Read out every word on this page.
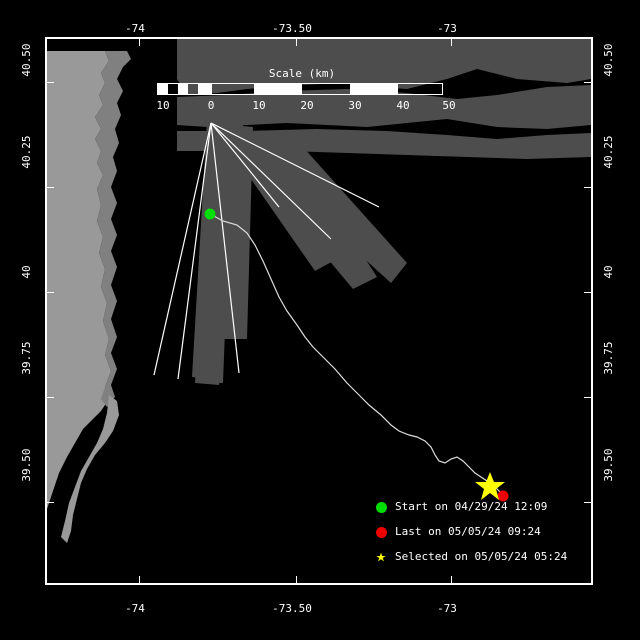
-74	-73.50	-73
-74	-73.50	-73
40.50
40.25
40
39.75
39.50
40.50
40.25
40
39.75
39.50
Scale (km)
10	0	10	20	30	40	50
Start on 04/29/24 12:09
Last on 05/05/24 09:24
★ Selected on 05/05/24 05:24
